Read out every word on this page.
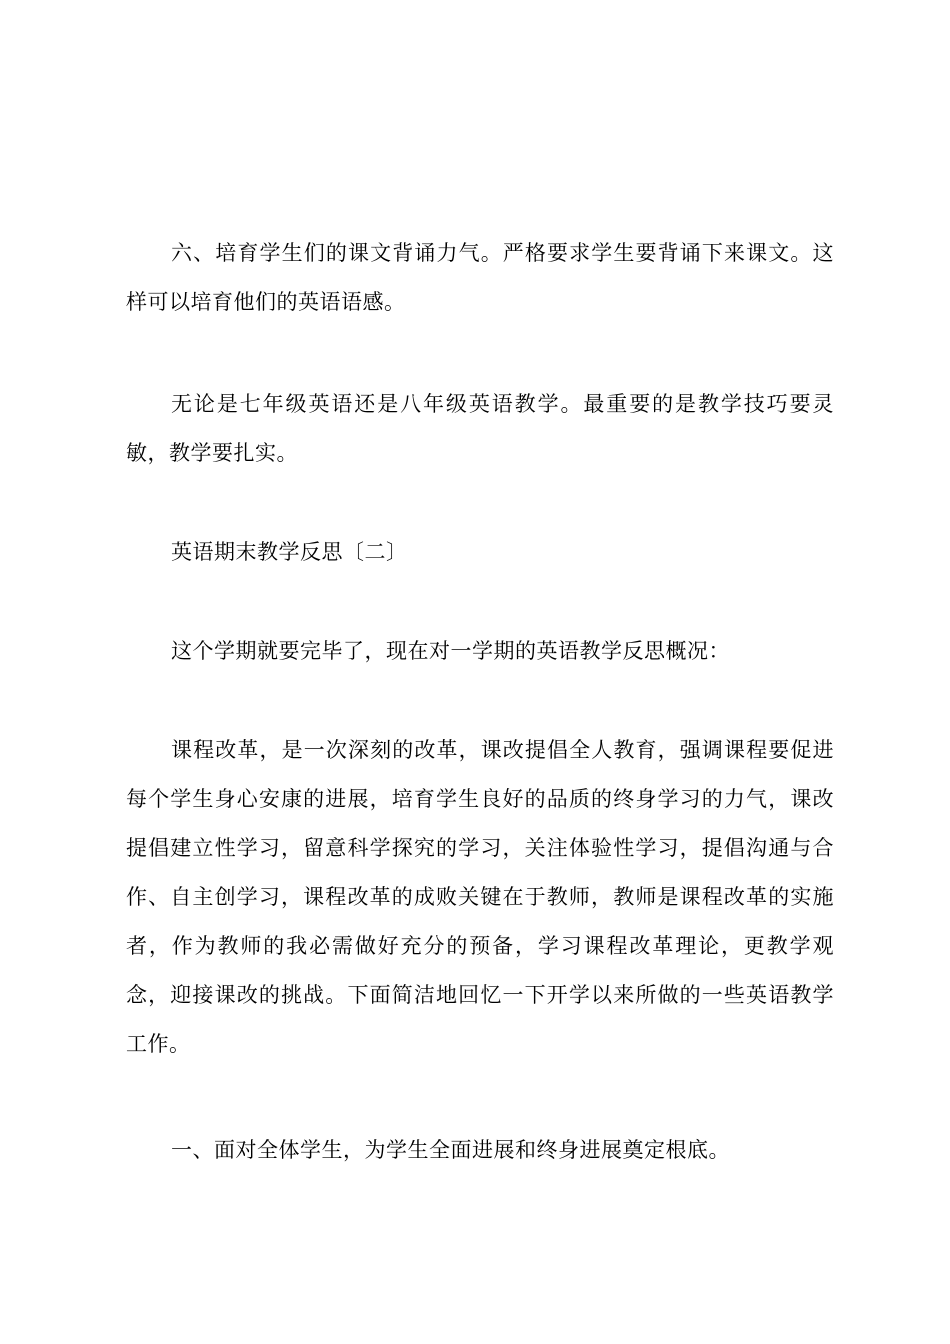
六、培育学生们的课文背诵力气。严格要求学生要背诵下来课文。这样可以培育他们的英语语感。

无论是七年级英语还是八年级英语教学。最重要的是教学技巧要灵敏，教学要扎实。

英语期末教学反思〔二〕

这个学期就要完毕了，现在对一学期的英语教学反思概况：

课程改革，是一次深刻的改革，课改提倡全人教育，强调课程要促进每个学生身心安康的进展，培育学生良好的品质的终身学习的力气，课改提倡建立性学习，留意科学探究的学习，关注体验性学习，提倡沟通与合作、自主创学习，课程改革的成败关键在于教师，教师是课程改革的实施者，作为教师的我必需做好充分的预备，学习课程改革理论，更教学观念，迎接课改的挑战。下面简洁地回忆一下开学以来所做的一些英语教学工作。

一、面对全体学生，为学生全面进展和终身进展奠定根底。
